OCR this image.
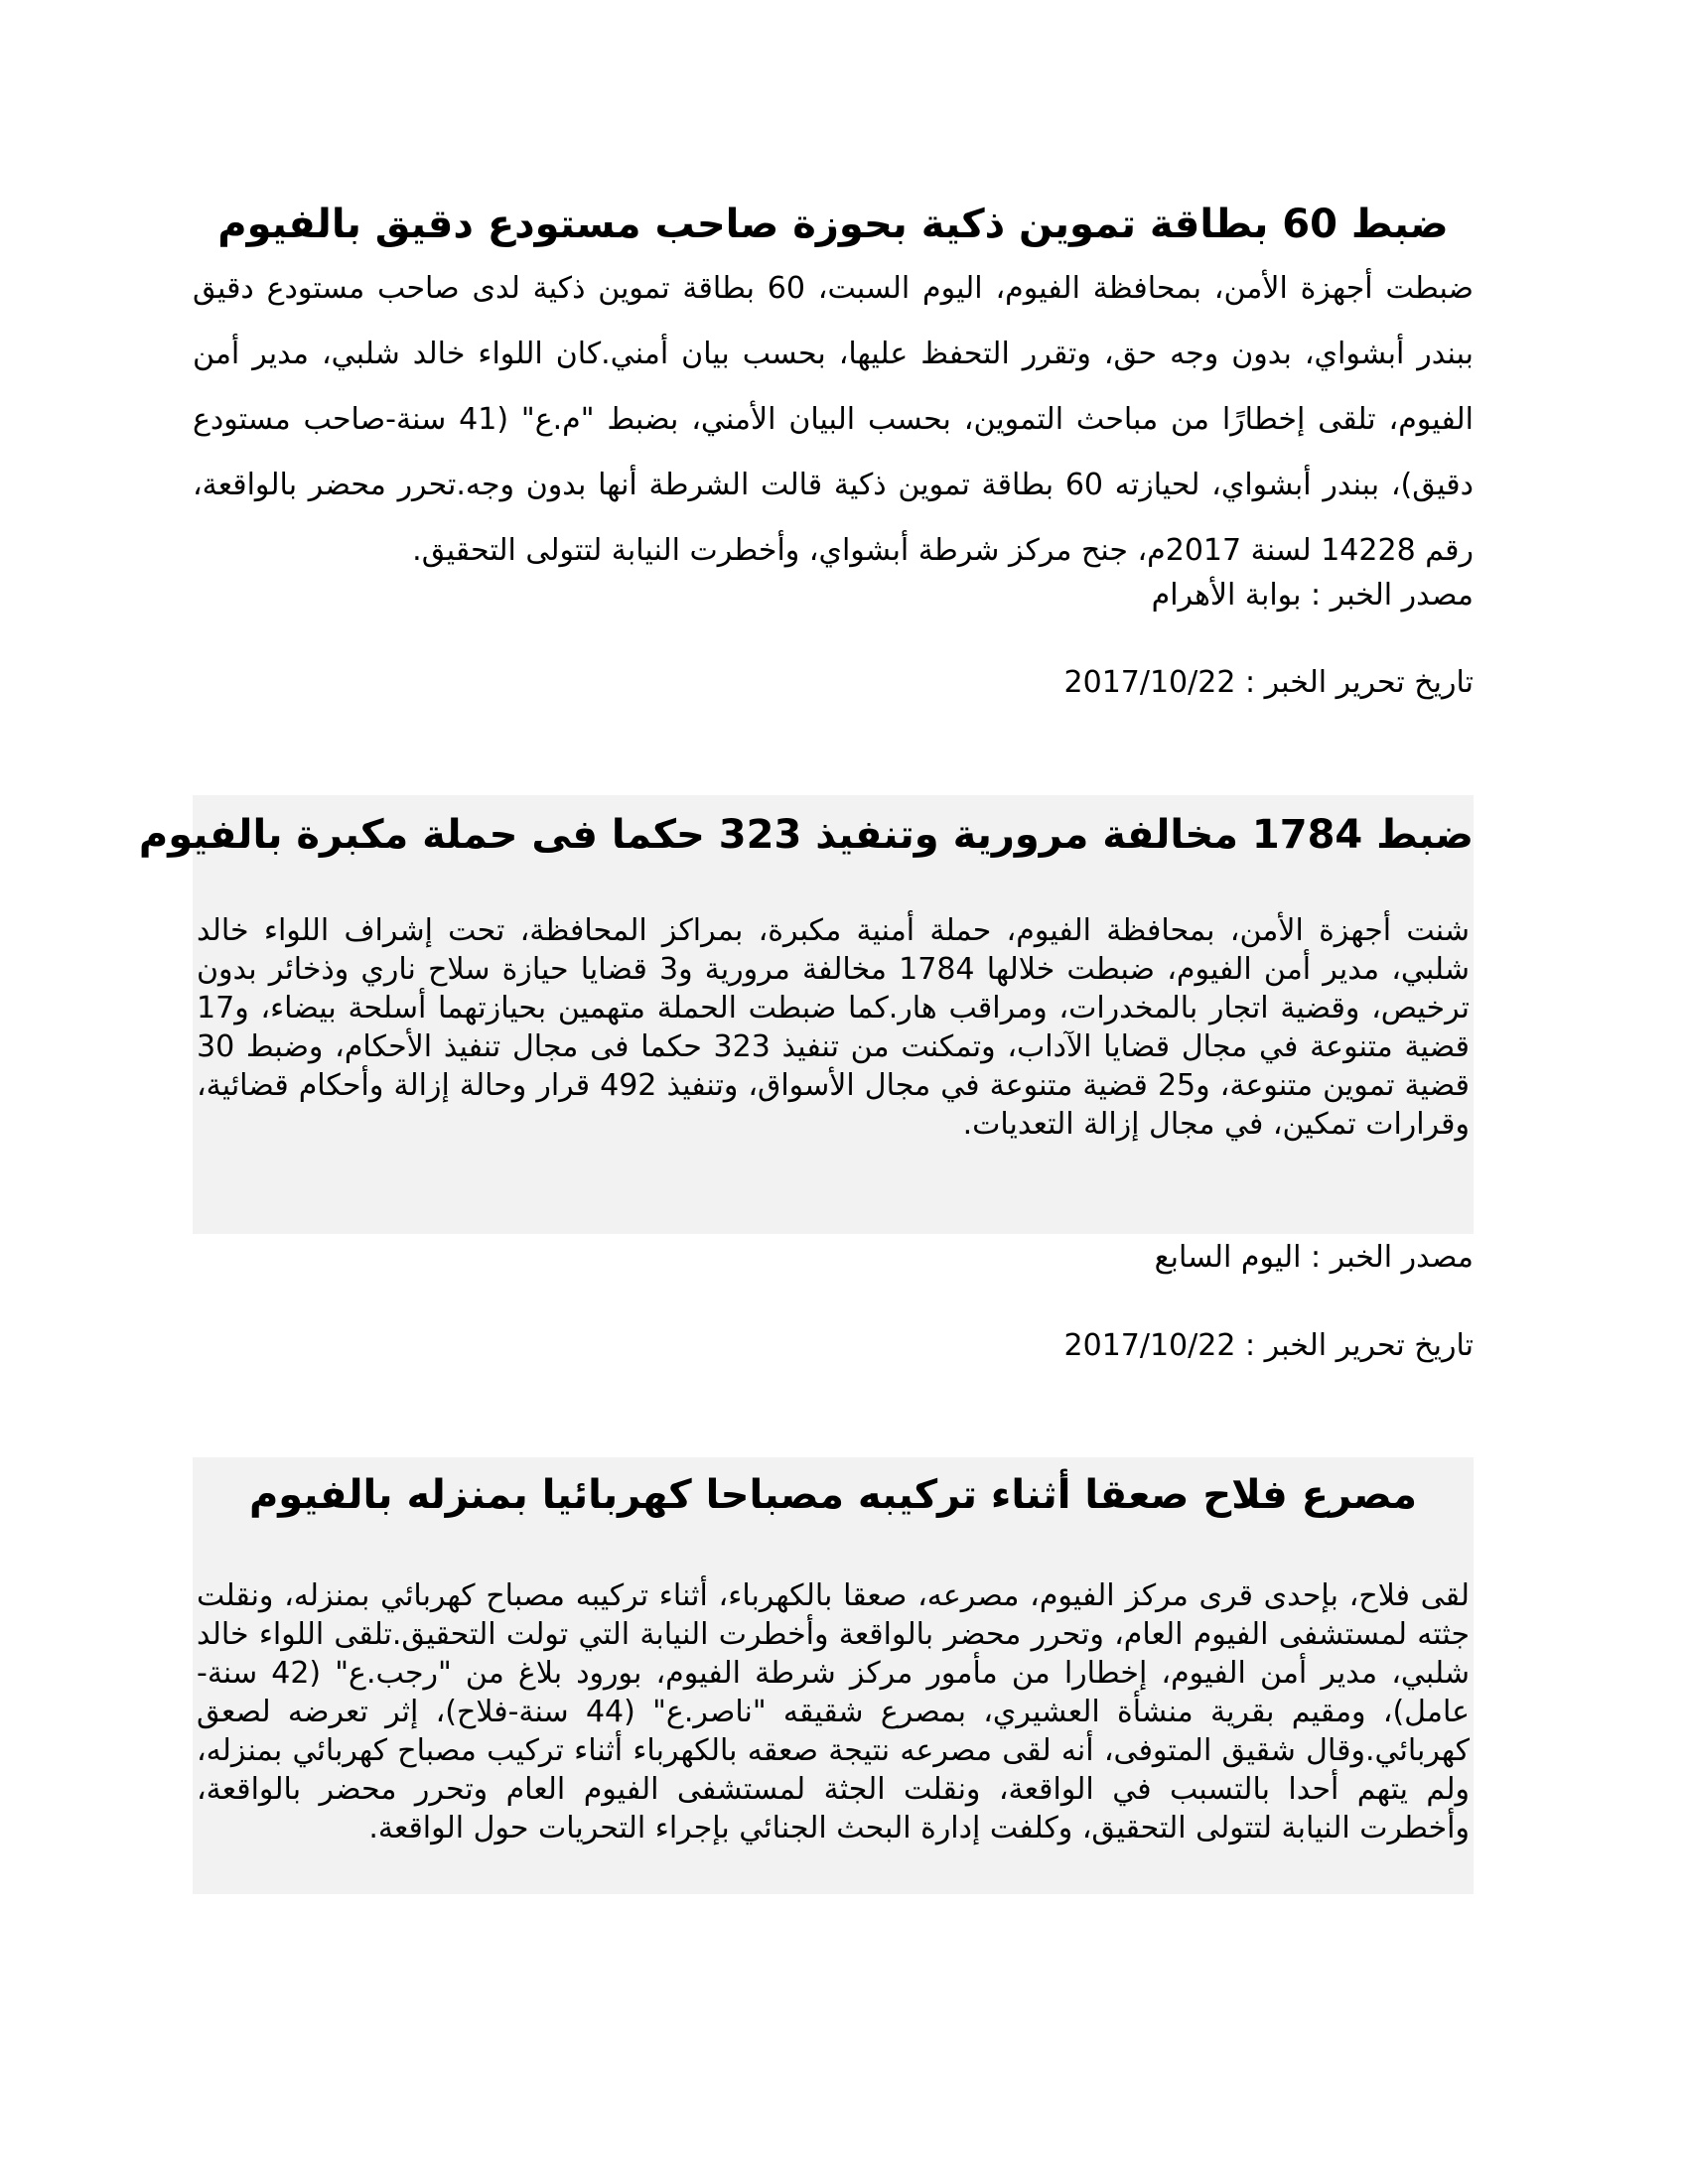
ضبط 60 بطاقة تموين ذكية بحوزة صاحب مستودع دقيق بالفيوم

ضبطت أجهزة الأمن، بمحافظة الفيوم، اليوم السبت، 60 بطاقة تموين ذكية لدى صاحب مستودع دقيق ببندر أبشواي، بدون وجه حق، وتقرر التحفظ عليها، بحسب بيان أمني.كان اللواء خالد شلبي، مدير أمن الفيوم، تلقى إخطارًا من مباحث التموين، بحسب البيان الأمني، بضبط "م.ع" (41 سنة-صاحب مستودع دقيق)، ببندر أبشواي، لحيازته 60 بطاقة تموين ذكية قالت الشرطة أنها بدون وجه.تحرر محضر بالواقعة، رقم 14228 لسنة 2017م، جنح مركز شرطة أبشواي، وأخطرت النيابة لتتولى التحقيق.

مصدر الخبر : بوابة الأهرام

تاريخ تحرير الخبر : 2017/10/22

ضبط 1784 مخالفة مرورية وتنفيذ 323 حكما فى حملة مكبرة بالفيوم

شنت أجهزة الأمن، بمحافظة الفيوم، حملة أمنية مكبرة، بمراكز المحافظة، تحت إشراف اللواء خالد شلبي، مدير أمن الفيوم، ضبطت خلالها 1784 مخالفة مرورية و3 قضايا حيازة سلاح ناري وذخائر بدون ترخيص، وقضية اتجار بالمخدرات، ومراقب هار.كما ضبطت الحملة متهمين بحيازتهما أسلحة بيضاء، و17 قضية متنوعة في مجال قضايا الآداب، وتمكنت من تنفيذ 323 حكما فى مجال تنفيذ الأحكام، وضبط 30 قضية تموين متنوعة، و25 قضية متنوعة في مجال الأسواق، وتنفيذ 492 قرار وحالة إزالة وأحكام قضائية، وقرارات تمكين، في مجال إزالة التعديات.

مصدر الخبر : اليوم السابع

تاريخ تحرير الخبر : 2017/10/22

مصرع فلاح صعقا أثناء تركيبه مصباحا كهربائيا بمنزله بالفيوم

لقى فلاح، بإحدى قرى مركز الفيوم، مصرعه، صعقا بالكهرباء، أثناء تركيبه مصباح كهربائي بمنزله، ونقلت جثته لمستشفى الفيوم العام، وتحرر محضر بالواقعة وأخطرت النيابة التي تولت التحقيق.تلقى اللواء خالد شلبي، مدير أمن الفيوم، إخطارا من مأمور مركز شرطة الفيوم، بورود بلاغ من "رجب.ع" (42 سنة-عامل)، ومقيم بقرية منشأة العشيري، بمصرع شقيقه "ناصر.ع" (44 سنة-فلاح)، إثر تعرضه لصعق كهربائي.وقال شقيق المتوفى، أنه لقى مصرعه نتيجة صعقه بالكهرباء أثناء تركيب مصباح كهربائي بمنزله، ولم يتهم أحدا بالتسبب في الواقعة، ونقلت الجثة لمستشفى الفيوم العام وتحرر محضر بالواقعة، وأخطرت النيابة لتتولى التحقيق، وكلفت إدارة البحث الجنائي بإجراء التحريات حول الواقعة.
